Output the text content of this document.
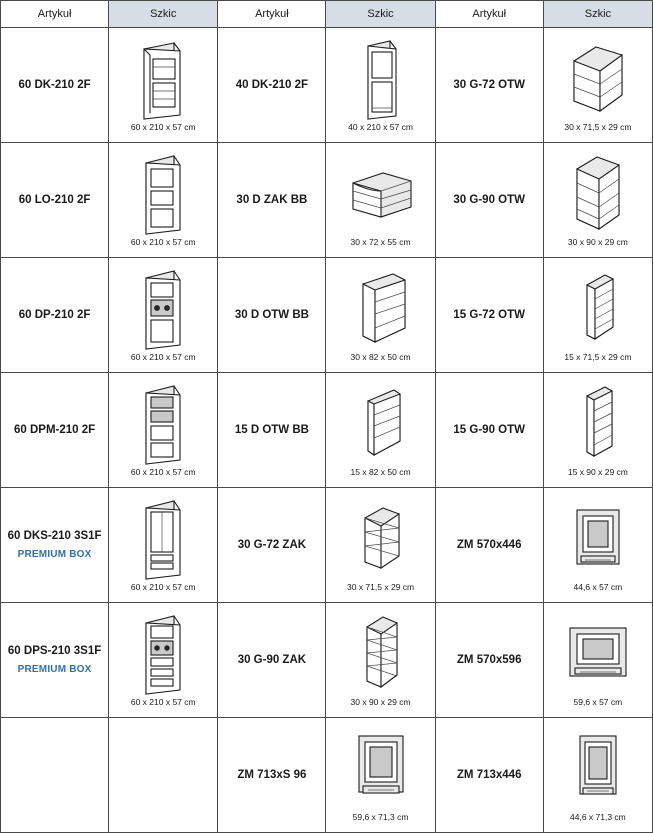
Artykuł	Szkic	Artykuł	Szkic	Artykuł	Szkic
60 DK-210 2F	60 x 210 x 57 cm	40 DK-210 2F	40 x 210 x 57 cm	30 G-72 OTW	30 x 71,5 x 29 cm

60 LO-210 2F	60 x 210 x 57 cm	30 D ZAK BB	30 x 72 x 55 cm	30 G-90 OTW	30 x 90 x 29 cm

60 DP-210 2F	60 x 210 x 57 cm	30 D OTW BB	30 x 82 x 50 cm	15 G-72 OTW	15 x 71,5 x 29 cm

60 DPM-210 2F	60 x 210 x 57 cm	15 D OTW BB	15 x 82 x 50 cm	15 G-90 OTW	15 x 90 x 29 cm

60 DKS-210 3S1F
PREMIUM BOX	60 x 210 x 57 cm	30 G-72 ZAK	30 x 71,5 x 29 cm	ZM 570x446	44,6 x 57 cm

60 DPS-210 3S1F
PREMIUM BOX	60 x 210 x 57 cm	30 G-90 ZAK	30 x 90 x 29 cm	ZM 570x596	59,6 x 57 cm

		ZM 713xS 96	59,6 x 71,3 cm	ZM 713x446	44,6 x 71,3 cm
